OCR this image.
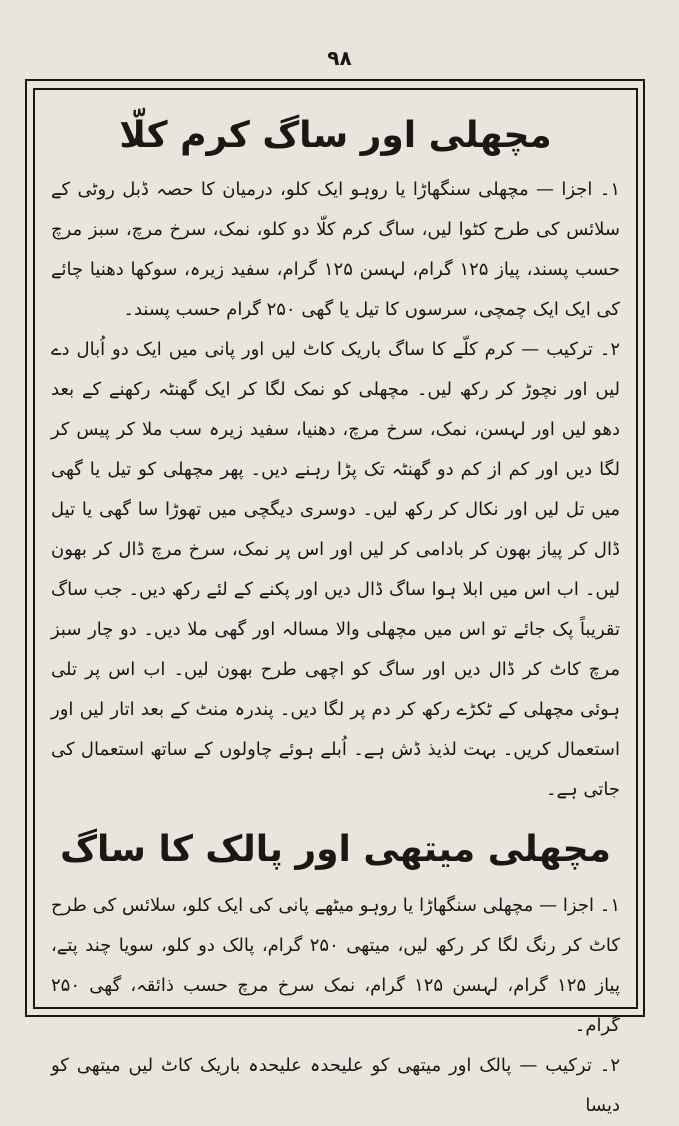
٩٨
مچھلی اور ساگ کرم کلّا

۱۔ اجزا — مچھلی سنگھاڑا یا روہو ایک کلو، درمیان کا حصہ ڈبل روٹی کے سلائس کی طرح کٹوا لیں، ساگ کرم کلّا دو کلو، نمک، سرخ مرچ، سبز مرچ حسب پسند، پیاز ۱۲۵ گرام، لہسن ۱۲۵ گرام، سفید زیرہ، سوکھا دھنیا چائے کی ایک ایک چمچی، سرسوں کا تیل یا گھی ۲۵۰ گرام حسب پسند۔

۲۔ ترکیب — کرم کلّے کا ساگ باریک کاٹ لیں اور پانی میں ایک دو اُبال دے لیں اور نچوڑ کر رکھ لیں۔ مچھلی کو نمک لگا کر ایک گھنٹہ رکھنے کے بعد دھو لیں اور لہسن، نمک، سرخ مرچ، دھنیا، سفید زیرہ سب ملا کر پیس کر لگا دیں اور کم از کم دو گھنٹہ تک پڑا رہنے دیں۔ پھر مچھلی کو تیل یا گھی میں تل لیں اور نکال کر رکھ لیں۔ دوسری دیگچی میں تھوڑا سا گھی یا تیل ڈال کر پیاز بھون کر بادامی کر لیں اور اس پر نمک، سرخ مرچ ڈال کر بھون لیں۔ اب اس میں ابلا ہوا ساگ ڈال دیں اور پکنے کے لئے رکھ دیں۔ جب ساگ تقریباً پک جائے تو اس میں مچھلی والا مسالہ اور گھی ملا دیں۔ دو چار سبز مرچ کاٹ کر ڈال دیں اور ساگ کو اچھی طرح بھون لیں۔ اب اس پر تلی ہوئی مچھلی کے ٹکڑے رکھ کر دم پر لگا دیں۔ پندرہ منٹ کے بعد اتار لیں اور استعمال کریں۔ بہت لذیذ ڈش ہے۔ اُبلے ہوئے چاولوں کے ساتھ استعمال کی جاتی ہے۔

مچھلی میتھی اور پالک کا ساگ

۱۔ اجزا — مچھلی سنگھاڑا یا روہو میٹھے پانی کی ایک کلو، سلائس کی طرح کاٹ کر رنگ لگا کر رکھ لیں، میتھی ۲۵۰ گرام، پالک دو کلو، سویا چند پتے، پیاز ۱۲۵ گرام، لہسن ۱۲۵ گرام، نمک سرخ مرچ حسب ذائقہ، گھی ۲۵۰ گرام۔

۲۔ ترکیب — پالک اور میتھی کو علیحدہ علیحدہ باریک کاٹ لیں میتھی کو دیسا
